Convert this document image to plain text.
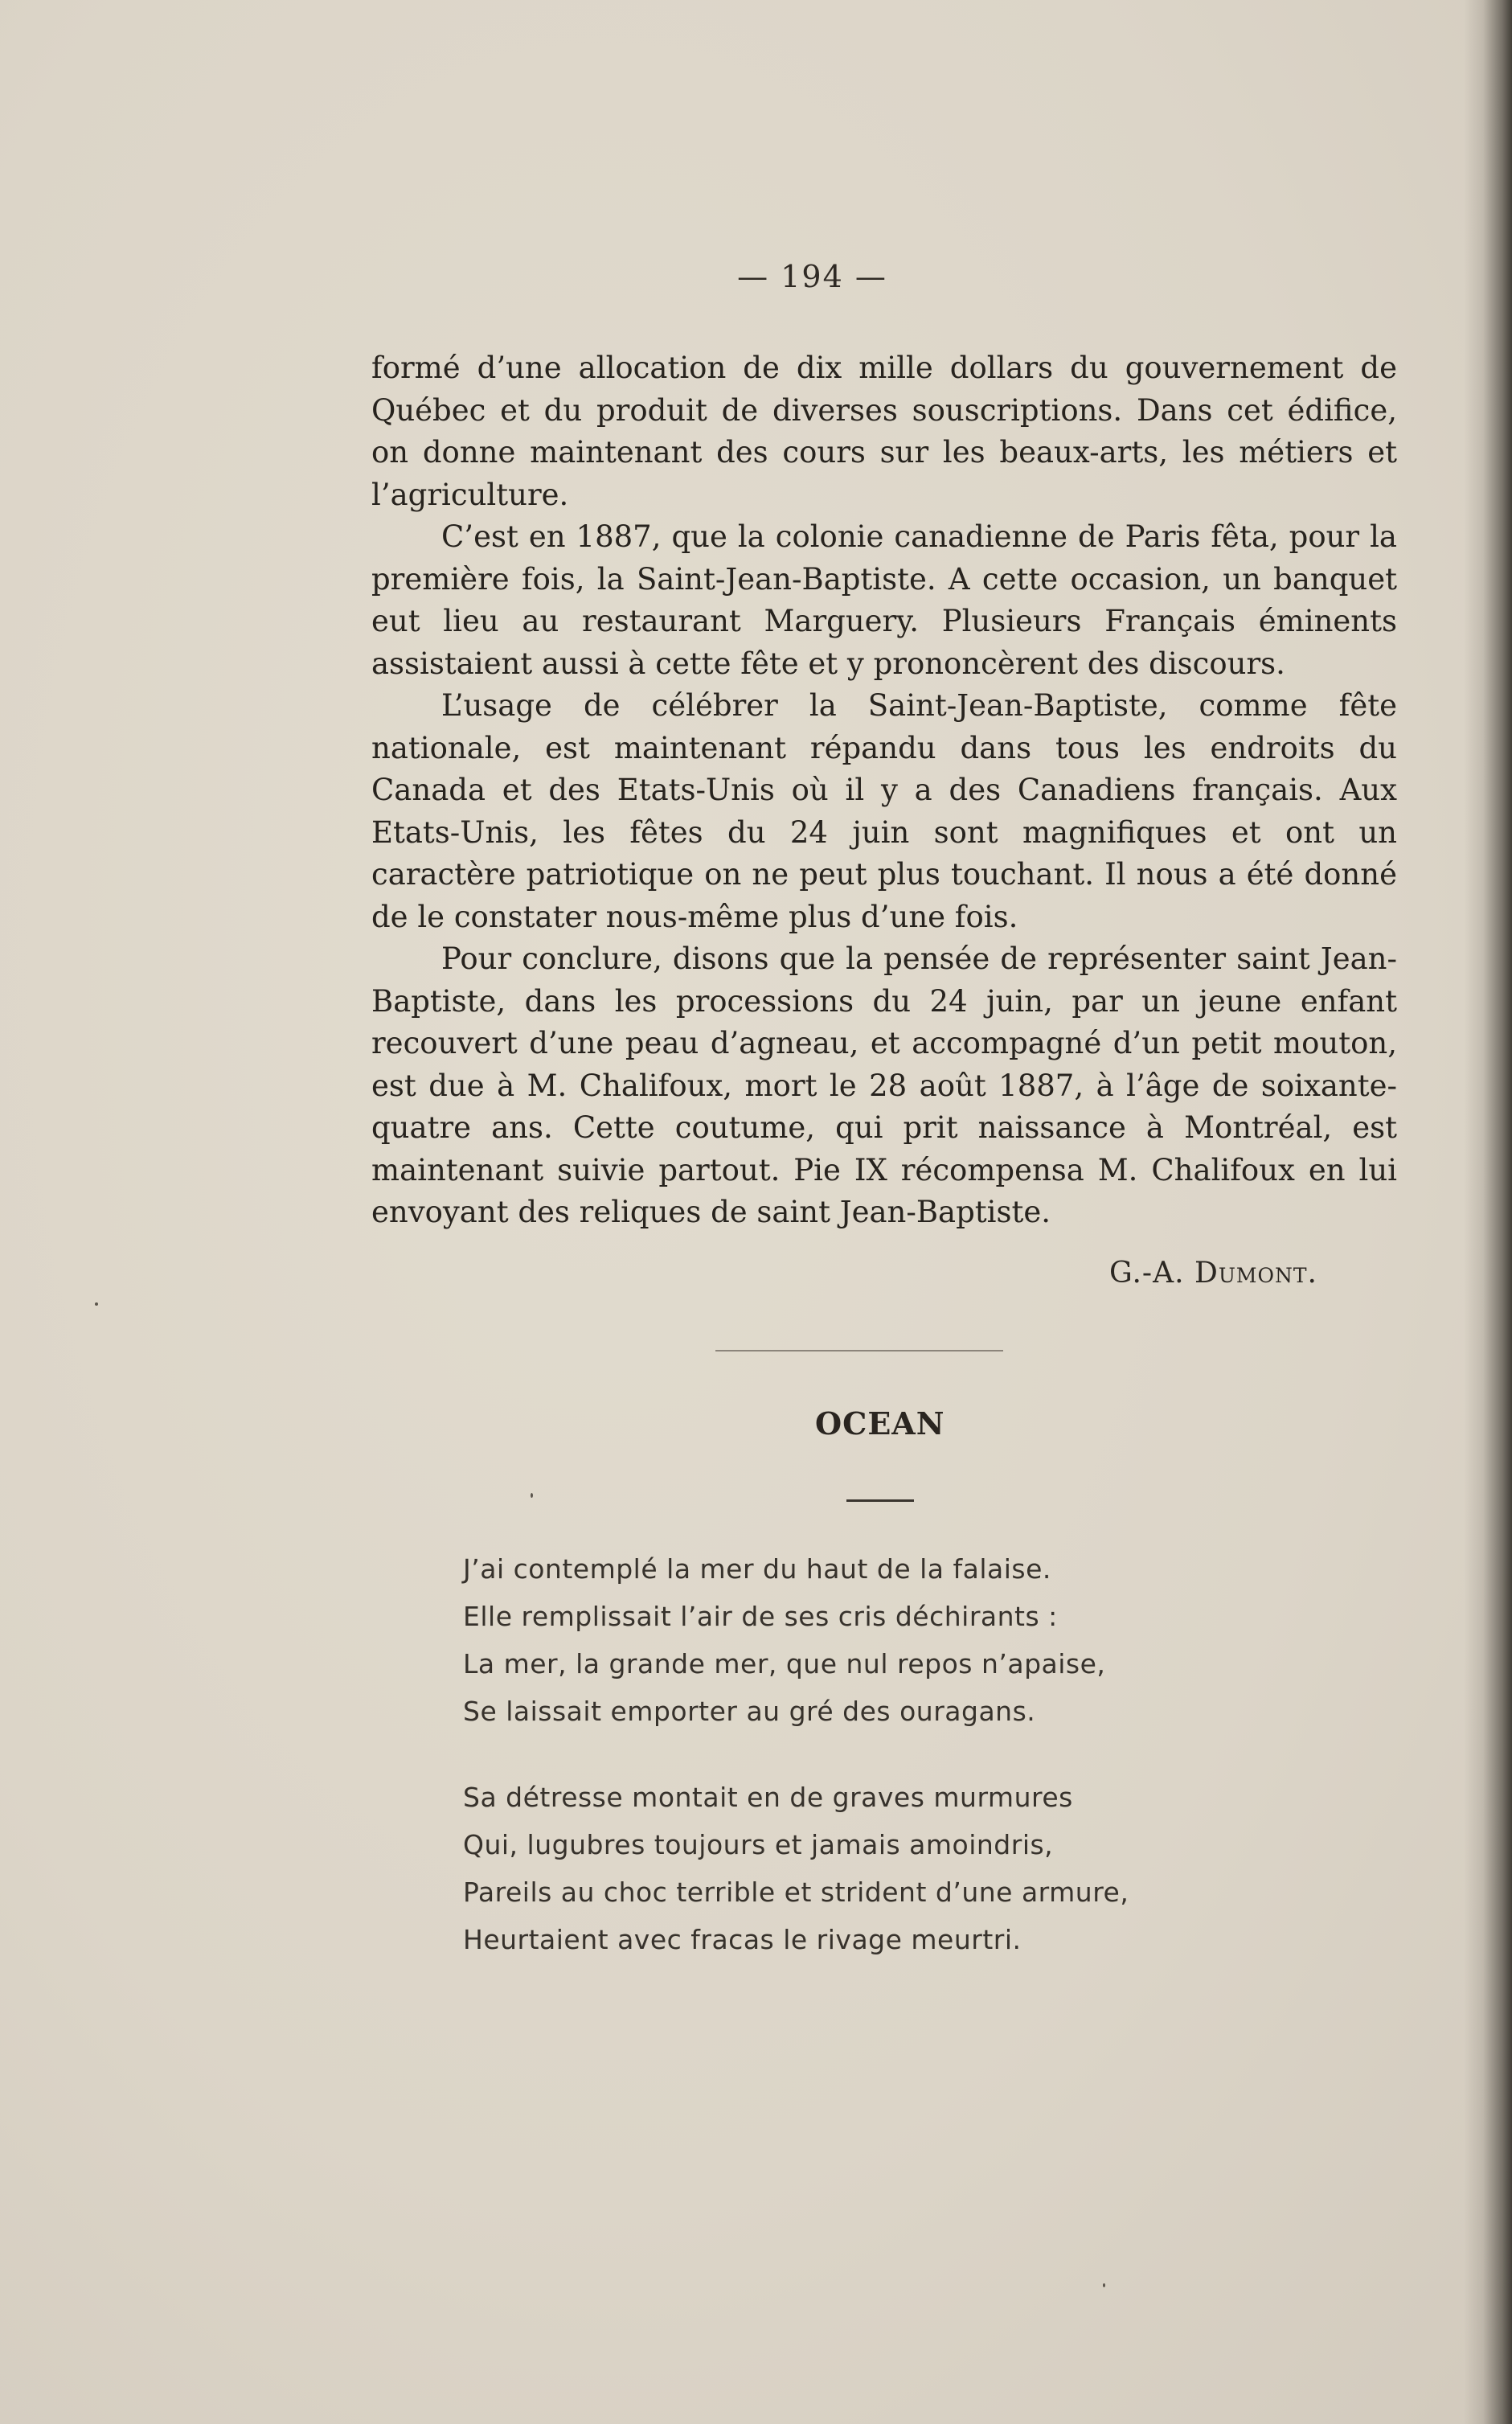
— 194 —

formé d’une allocation de dix mille dollars du gouvernement de Québec et du produit de diverses souscriptions. Dans cet édifice, on donne maintenant des cours sur les beaux-arts, les métiers et l’agriculture.

C’est en 1887, que la colonie canadienne de Paris fêta, pour la première fois, la Saint-Jean-Baptiste. A cette occasion, un banquet eut lieu au restaurant Marguery. Plusieurs Français éminents assistaient aussi à cette fête et y prononcèrent des discours.

L’usage de célébrer la Saint-Jean-Baptiste, comme fête nationale, est maintenant répandu dans tous les endroits du Canada et des Etats-Unis où il y a des Canadiens français. Aux Etats-Unis, les fêtes du 24 juin sont magnifiques et ont un caractère patriotique on ne peut plus touchant. Il nous a été donné de le constater nous-même plus d’une fois.

Pour conclure, disons que la pensée de représenter saint Jean-Baptiste, dans les processions du 24 juin, par un jeune enfant recouvert d’une peau d’agneau, et accompagné d’un petit mouton, est due à M. Chalifoux, mort le 28 août 1887, à l’âge de soixante-quatre ans. Cette coutume, qui prit naissance à Montréal, est maintenant suivie partout. Pie IX récompensa M. Chalifoux en lui envoyant des reliques de saint Jean-Baptiste.

G.-A. Dumont.
OCEAN
J’ai contemplé la mer du haut de la falaise.
Elle remplissait l’air de ses cris déchirants :
La mer, la grande mer, que nul repos n’apaise,
Se laissait emporter au gré des ouragans.
Sa détresse montait en de graves murmures
Qui, lugubres toujours et jamais amoindris,
Pareils au choc terrible et strident d’une armure,
Heurtaient avec fracas le rivage meurtri.
